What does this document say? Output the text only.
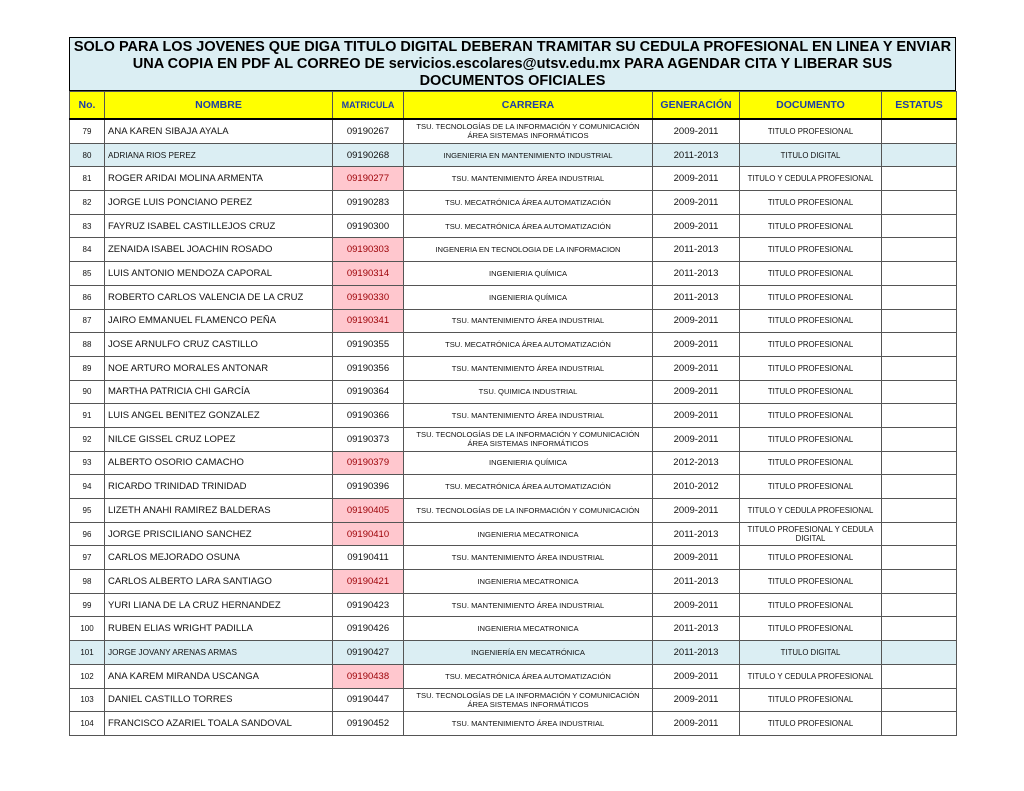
SOLO PARA LOS JOVENES QUE DIGA TITULO DIGITAL DEBERAN TRAMITAR SU CEDULA PROFESIONAL EN LINEA Y ENVIAR
UNA COPIA EN PDF AL CORREO DE servicios.escolares@utsv.edu.mx PARA AGENDAR CITA Y LIBERAR SUS
DOCUMENTOS OFICIALES
No.	NOMBRE	MATRICULA	CARRERA	GENERACIÓN	DOCUMENTO	ESTATUS
79	ANA KAREN SIBAJA AYALA	09190267	TSU. TECNOLOGÍAS DE LA INFORMACIÓN Y COMUNICACIÓN ÁREA SISTEMAS INFORMÁTICOS	2009-2011	TITULO PROFESIONAL	
80	ADRIANA RIOS PEREZ	09190268	INGENIERIA EN MANTENIMIENTO INDUSTRIAL	2011-2013	TITULO DIGITAL	
81	ROGER ARIDAI MOLINA ARMENTA	09190277	TSU. MANTENIMIENTO ÁREA INDUSTRIAL	2009-2011	TITULO Y CEDULA PROFESIONAL	
82	JORGE LUIS PONCIANO PEREZ	09190283	TSU. MECATRÓNICA ÁREA AUTOMATIZACIÓN	2009-2011	TITULO PROFESIONAL	
83	FAYRUZ ISABEL CASTILLEJOS CRUZ	09190300	TSU. MECATRÓNICA ÁREA AUTOMATIZACIÓN	2009-2011	TITULO PROFESIONAL	
84	ZENAIDA ISABEL JOACHIN ROSADO	09190303	INGENERIA EN TECNOLOGIA DE LA INFORMACION	2011-2013	TITULO PROFESIONAL	
85	LUIS ANTONIO MENDOZA CAPORAL	09190314	INGENIERIA QUÍMICA	2011-2013	TITULO PROFESIONAL	
86	ROBERTO CARLOS VALENCIA DE LA CRUZ	09190330	INGENIERIA QUÍMICA	2011-2013	TITULO PROFESIONAL	
87	JAIRO EMMANUEL FLAMENCO PEÑA	09190341	TSU. MANTENIMIENTO ÁREA INDUSTRIAL	2009-2011	TITULO PROFESIONAL	
88	JOSE ARNULFO CRUZ CASTILLO	09190355	TSU. MECATRÓNICA ÁREA AUTOMATIZACIÓN	2009-2011	TITULO PROFESIONAL	
89	NOE ARTURO MORALES ANTONAR	09190356	TSU. MANTENIMIENTO ÁREA INDUSTRIAL	2009-2011	TITULO PROFESIONAL	
90	MARTHA PATRICIA CHI GARCÍA	09190364	TSU. QUIMICA INDUSTRIAL	2009-2011	TITULO PROFESIONAL	
91	LUIS ANGEL BENITEZ GONZALEZ	09190366	TSU. MANTENIMIENTO ÁREA INDUSTRIAL	2009-2011	TITULO PROFESIONAL	
92	NILCE GISSEL CRUZ LOPEZ	09190373	TSU. TECNOLOGÍAS DE LA INFORMACIÓN Y COMUNICACIÓN ÁREA SISTEMAS INFORMÁTICOS	2009-2011	TITULO PROFESIONAL	
93	ALBERTO OSORIO CAMACHO	09190379	INGENIERIA QUÍMICA	2012-2013	TITULO PROFESIONAL	
94	RICARDO TRINIDAD TRINIDAD	09190396	TSU. MECATRÓNICA ÁREA AUTOMATIZACIÓN	2010-2012	TITULO PROFESIONAL	
95	LIZETH ANAHI RAMIREZ BALDERAS	09190405	TSU. TECNOLOGÍAS DE LA INFORMACIÓN Y COMUNICACIÓN	2009-2011	TITULO Y CEDULA PROFESIONAL	
96	JORGE PRISCILIANO SANCHEZ	09190410	INGENIERIA MECATRONICA	2011-2013	TITULO PROFESIONAL Y CEDULA DIGITAL	
97	CARLOS MEJORADO OSUNA	09190411	TSU. MANTENIMIENTO ÁREA INDUSTRIAL	2009-2011	TITULO PROFESIONAL	
98	CARLOS ALBERTO LARA SANTIAGO	09190421	INGENIERIA MECATRONICA	2011-2013	TITULO PROFESIONAL	
99	YURI LIANA DE LA CRUZ HERNANDEZ	09190423	TSU. MANTENIMIENTO ÁREA INDUSTRIAL	2009-2011	TITULO PROFESIONAL	
100	RUBEN ELIAS WRIGHT PADILLA	09190426	INGENIERIA MECATRONICA	2011-2013	TITULO PROFESIONAL	
101	JORGE JOVANY ARENAS ARMAS	09190427	INGENIERÍA EN MECATRÓNICA	2011-2013	TITULO DIGITAL	
102	ANA KAREM MIRANDA USCANGA	09190438	TSU. MECATRÓNICA ÁREA AUTOMATIZACIÓN	2009-2011	TITULO Y CEDULA PROFESIONAL	
103	DANIEL CASTILLO TORRES	09190447	TSU. TECNOLOGÍAS DE LA INFORMACIÓN Y COMUNICACIÓN ÁREA SISTEMAS INFORMÁTICOS	2009-2011	TITULO PROFESIONAL	
104	FRANCISCO AZARIEL TOALA SANDOVAL	09190452	TSU. MANTENIMIENTO ÁREA INDUSTRIAL	2009-2011	TITULO PROFESIONAL	
